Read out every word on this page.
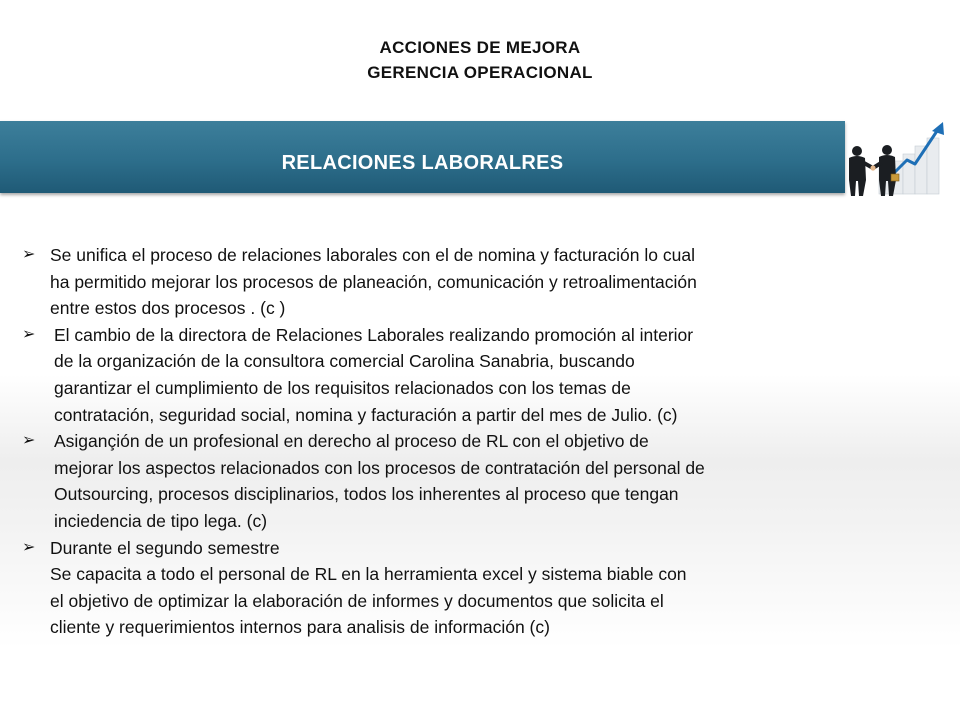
ACCIONES DE MEJORA
GERENCIA OPERACIONAL
RELACIONES LABORALRES
➢ Se unifica el proceso de relaciones laborales con el de nomina y facturación lo cual
ha permitido mejorar los procesos de planeación, comunicación y retroalimentación
entre estos dos procesos . (c )
➢ El cambio de la directora de Relaciones Laborales realizando promoción al interior
de la organización de la consultora comercial Carolina Sanabria, buscando
garantizar el cumplimiento de los requisitos relacionados con los temas de
contratación, seguridad social, nomina y facturación a partir del mes de Julio. (c)
➢ Asigançión de un profesional en derecho al proceso de RL con el objetivo de
mejorar los aspectos relacionados con los procesos de contratación del personal de
Outsourcing, procesos disciplinarios, todos los inherentes al proceso que tengan
inciedencia de tipo lega. (c)
➢ Durante el segundo semestre
Se capacita a todo el personal de RL en la herramienta excel y sistema biable con
el objetivo de optimizar la elaboración de informes y documentos que solicita el
cliente y requerimientos internos para analisis de información (c)
